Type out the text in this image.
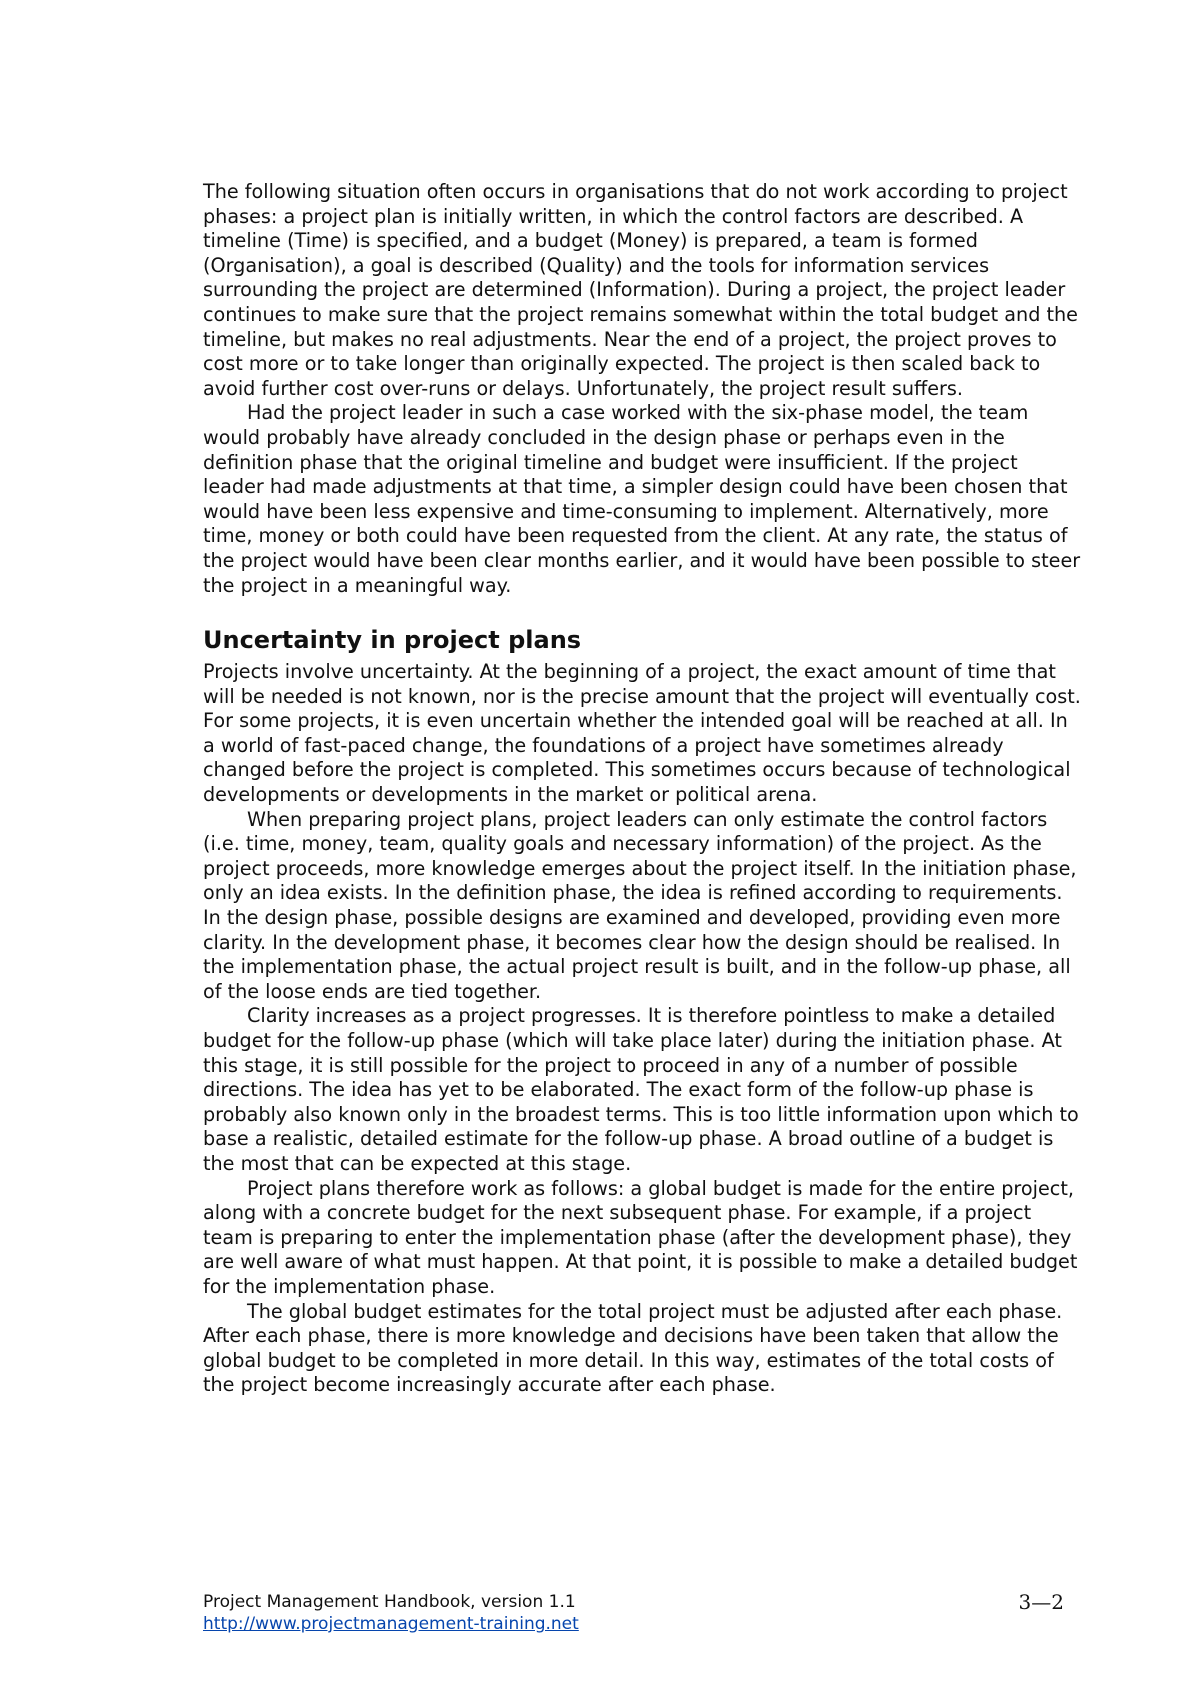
The following situation often occurs in organisations that do not work according to project phases: a project plan is initially written, in which the control factors are described. A timeline (Time) is specified, and a budget (Money) is prepared, a team is formed (Organisation), a goal is described (Quality) and the tools for information services surrounding the project are determined (Information). During a project, the project leader continues to make sure that the project remains somewhat within the total budget and the timeline, but makes no real adjustments. Near the end of a project, the project proves to cost more or to take longer than originally expected. The project is then scaled back to avoid further cost over-runs or delays. Unfortunately, the project result suffers.

Had the project leader in such a case worked with the six-phase model, the team would probably have already concluded in the design phase or perhaps even in the definition phase that the original timeline and budget were insufficient. If the project leader had made adjustments at that time, a simpler design could have been chosen that would have been less expensive and time-consuming to implement. Alternatively, more time, money or both could have been requested from the client. At any rate, the status of the project would have been clear months earlier, and it would have been possible to steer the project in a meaningful way.

Uncertainty in project plans

Projects involve uncertainty. At the beginning of a project, the exact amount of time that will be needed is not known, nor is the precise amount that the project will eventually cost. For some projects, it is even uncertain whether the intended goal will be reached at all. In a world of fast-paced change, the foundations of a project have sometimes already changed before the project is completed. This sometimes occurs because of technological developments or developments in the market or political arena.

When preparing project plans, project leaders can only estimate the control factors (i.e. time, money, team, quality goals and necessary information) of the project. As the project proceeds, more knowledge emerges about the project itself. In the initiation phase, only an idea exists. In the definition phase, the idea is refined according to requirements. In the design phase, possible designs are examined and developed, providing even more clarity. In the development phase, it becomes clear how the design should be realised. In the implementation phase, the actual project result is built, and in the follow-up phase, all of the loose ends are tied together.

Clarity increases as a project progresses. It is therefore pointless to make a detailed budget for the follow-up phase (which will take place later) during the initiation phase. At this stage, it is still possible for the project to proceed in any of a number of possible directions. The idea has yet to be elaborated. The exact form of the follow-up phase is probably also known only in the broadest terms. This is too little information upon which to base a realistic, detailed estimate for the follow-up phase. A broad outline of a budget is the most that can be expected at this stage.

Project plans therefore work as follows: a global budget is made for the entire project, along with a concrete budget for the next subsequent phase. For example, if a project team is preparing to enter the implementation phase (after the development phase), they are well aware of what must happen. At that point, it is possible to make a detailed budget for the implementation phase.

The global budget estimates for the total project must be adjusted after each phase. After each phase, there is more knowledge and decisions have been taken that allow the global budget to be completed in more detail. In this way, estimates of the total costs of the project become increasingly accurate after each phase.

Project Management Handbook, version 1.1
http://www.projectmanagement-training.net
3—2
